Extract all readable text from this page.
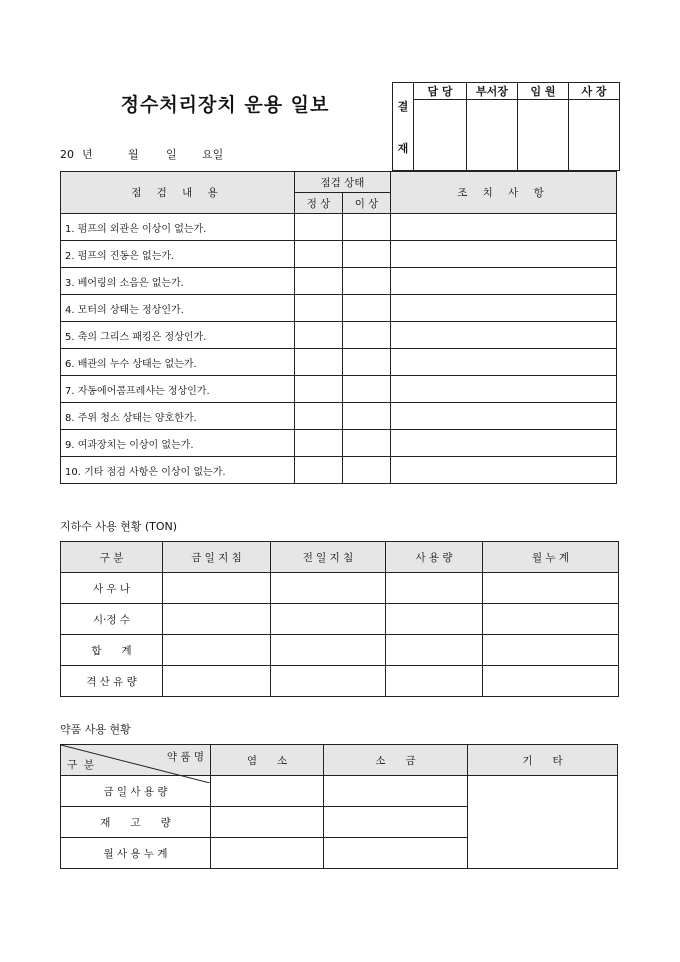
정수처리장치 운용 일보
20 년	월 일 요일
결
재	담 당	부서장	임 원	사 장

점 검 내 용	점검 상태		조 치 사 항
	정 상	이 상	
1. 펌프의 외관은 이상이 없는가.			
2. 펌프의 진동은 없는가.			
3. 베어링의 소음은 없는가.			
4. 모터의 상태는 정상인가.			
5. 축의 그리스 패킹은 정상인가.			
6. 배관의 누수 상태는 없는가.			
7. 자동에어콤프레샤는 정상인가.			
8. 주위 청소 상태는 양호한가.			
9. 여과장치는 이상이 없는가.			
10. 기타 점검 사항은 이상이 없는가.			
지하수 사용 현황 (TON)
구 분	금 일 지 침	전 일 지 침	사 용 량	월 누 계
사 우 나				
시·정 수				
합      계				
격 산 유 량				
약품 사용 현황
약 품 명
구  분	염      소	소      금	기      타
금 일 사 용 량			
재      고      량			
월 사 용 누 계			
